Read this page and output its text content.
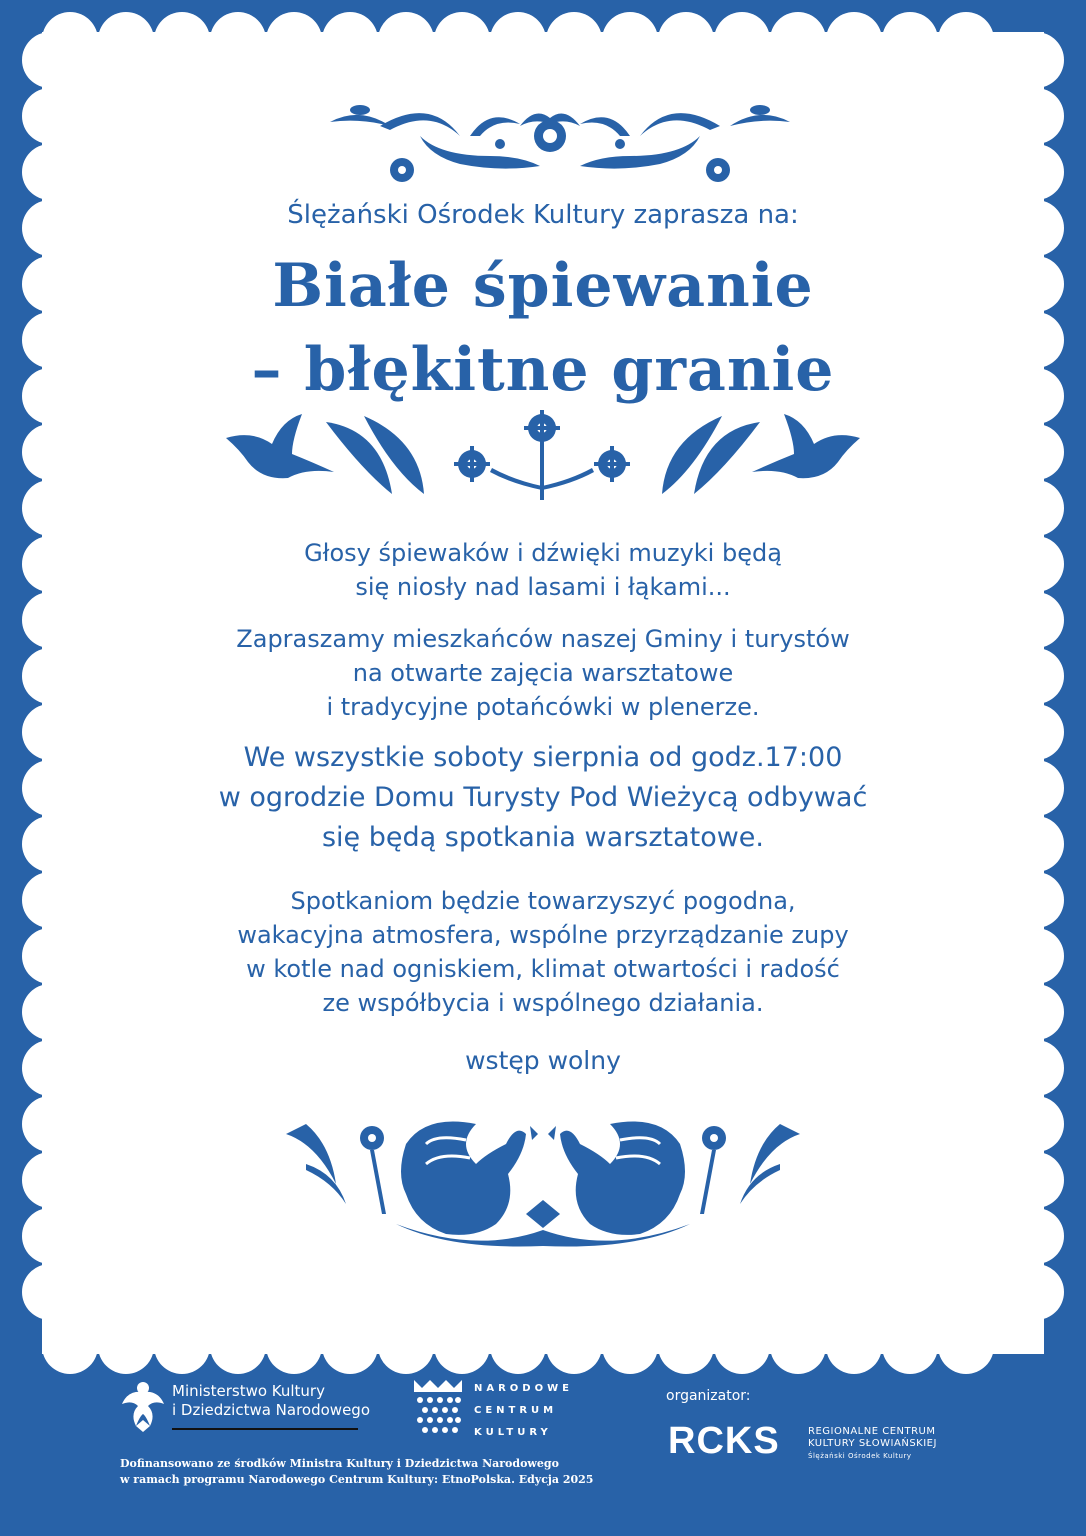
Ślężański Ośrodek Kultury zaprasza na:
Białe śpiewanie
– błękitne granie
Głosy śpiewaków i dźwięki muzyki będą
się niosły nad lasami i łąkami...
Zapraszamy mieszkańców naszej Gminy i turystów
na otwarte zajęcia warsztatowe
i tradycyjne potańcówki w plenerze.
We wszystkie soboty sierpnia od godz.17:00
w ogrodzie Domu Turysty Pod Wieżycą odbywać
się będą spotkania warsztatowe.
Spotkaniom będzie towarzyszyć pogodna,
wakacyjna atmosfera, wspólne przyrządzanie zupy
w kotle nad ogniskiem, klimat otwartości i radość
ze współbycia i wspólnego działania.
wstęp wolny
Ministerstwo Kultury
i Dziedzictwa Narodowego
NARODOWE
CENTRUM
KULTURY
organizator:
RCKS	REGIONALNE CENTRUM
KULTURY SŁOWIAŃSKIEJ
Ślężański Ośrodek Kultury
Dofinansowano ze środków Ministra Kultury i Dziedzictwa Narodowego
w ramach programu Narodowego Centrum Kultury: EtnoPolska. Edycja 2025
